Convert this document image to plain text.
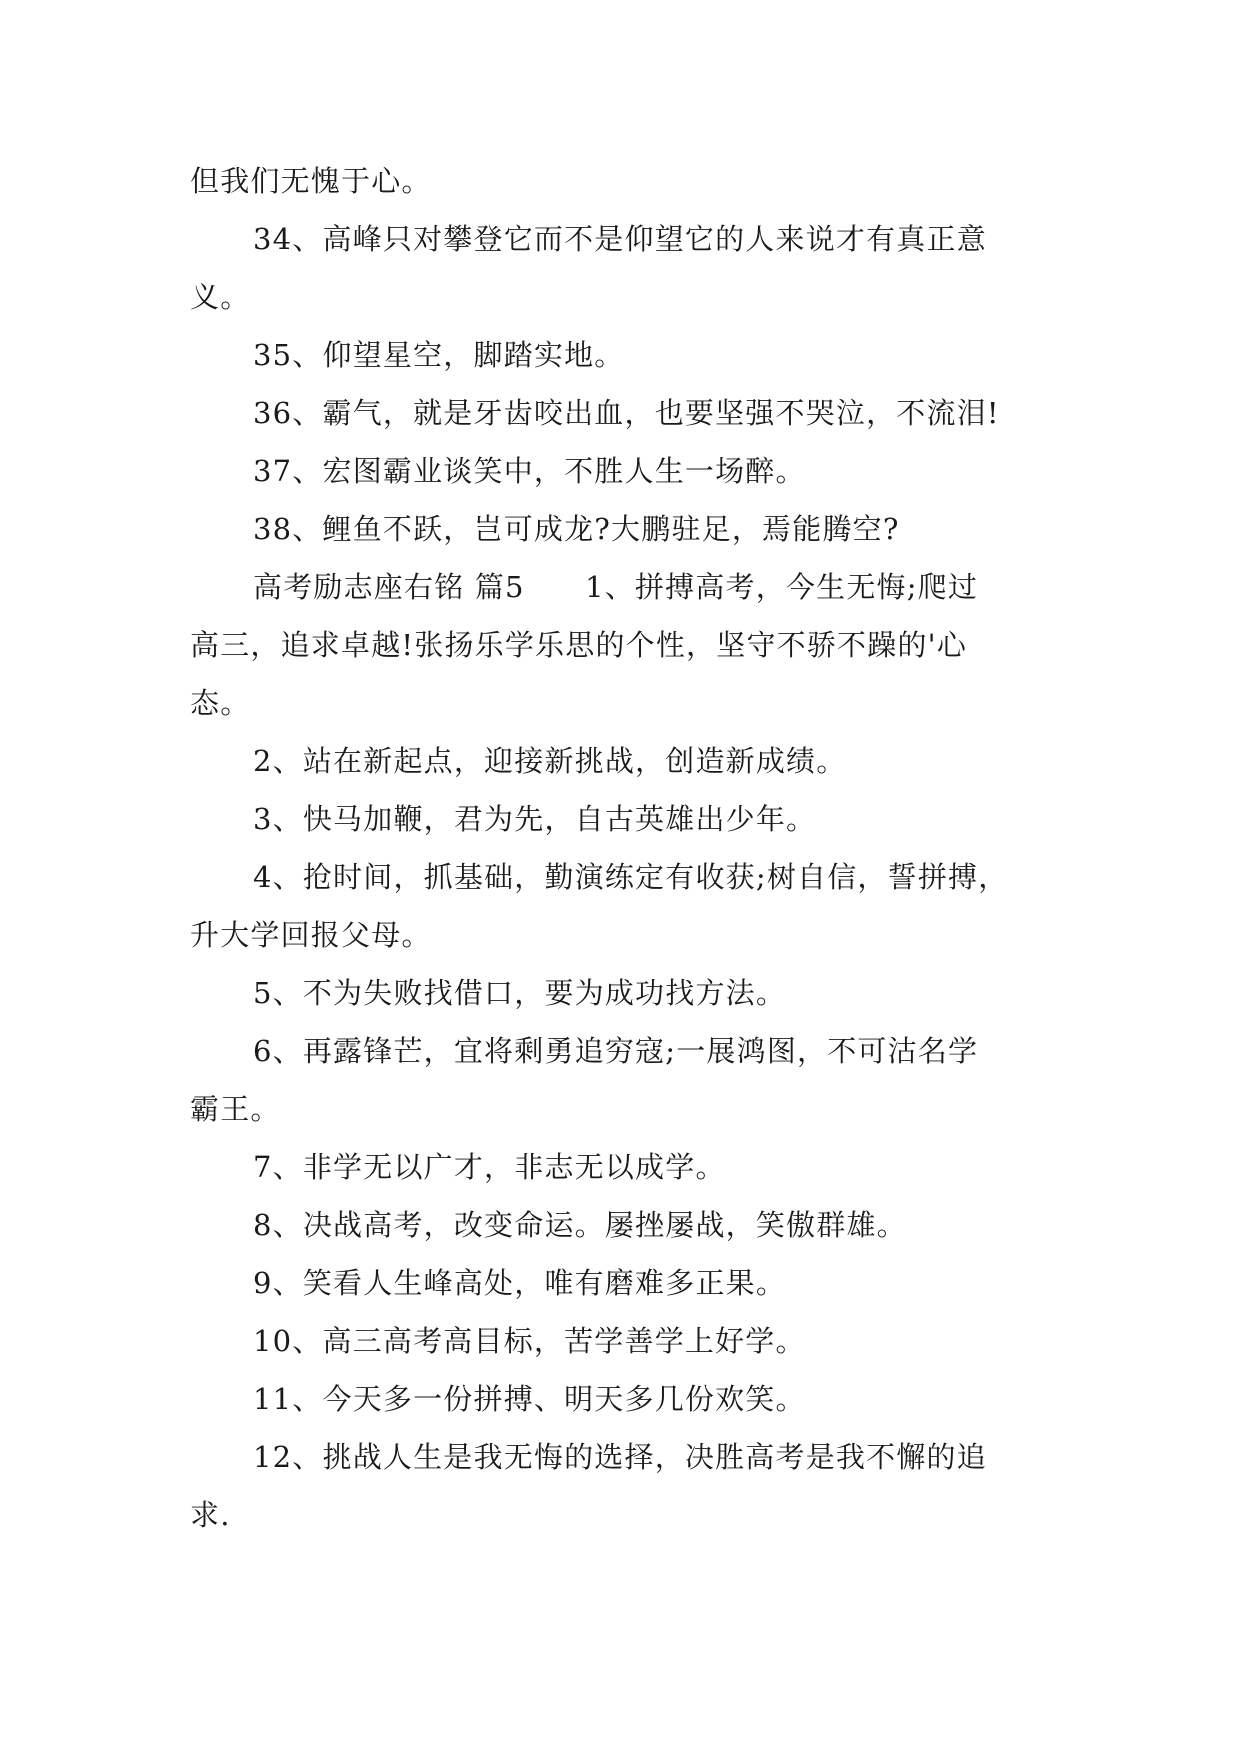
但我们无愧于心。
34、高峰只对攀登它而不是仰望它的人来说才有真正意
义。
35、仰望星空，脚踏实地。
36、霸气，就是牙齿咬出血，也要坚强不哭泣，不流泪!
37、宏图霸业谈笑中，不胜人生一场醉。
38、鲤鱼不跃，岂可成龙?大鹏驻足，焉能腾空?
高考励志座右铭 篇5　　1、拼搏高考，今生无悔;爬过
高三，追求卓越!张扬乐学乐思的个性，坚守不骄不躁的'心
态。
2、站在新起点，迎接新挑战，创造新成绩。
3、快马加鞭，君为先，自古英雄出少年。
4、抢时间，抓基础，勤演练定有收获;树自信，誓拼搏，
升大学回报父母。
5、不为失败找借口，要为成功找方法。
6、再露锋芒，宜将剩勇追穷寇;一展鸿图，不可沽名学
霸王。
7、非学无以广才，非志无以成学。
8、决战高考，改变命运。屡挫屡战，笑傲群雄。
9、笑看人生峰高处，唯有磨难多正果。
10、高三高考高目标，苦学善学上好学。
11、今天多一份拼搏、明天多几份欢笑。
12、挑战人生是我无悔的选择，决胜高考是我不懈的追
求.
